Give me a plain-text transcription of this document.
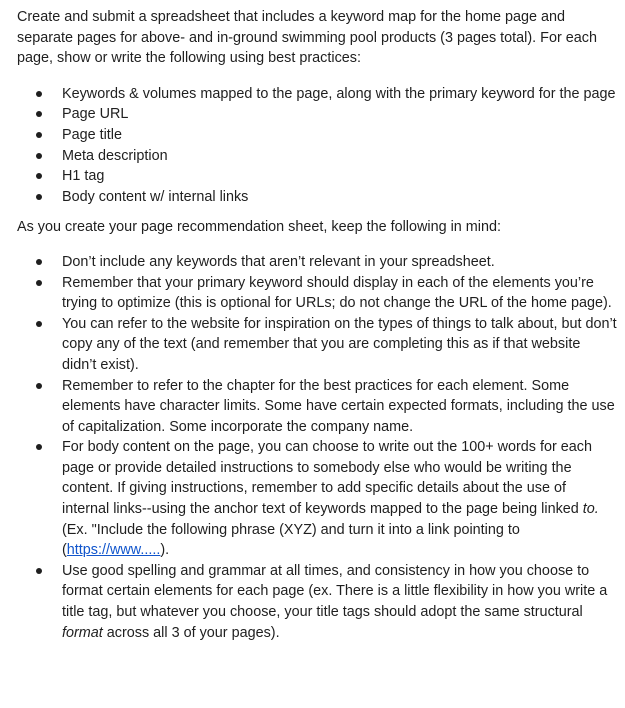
Create and submit a spreadsheet that includes a keyword map for the home page and separate pages for above- and in-ground swimming pool products (3 pages total). For each page, show or write the following using best practices:

Keywords & volumes mapped to the page, along with the primary keyword for the page
Page URL
Page title
Meta description
H1 tag
Body content w/ internal links

As you create your page recommendation sheet, keep the following in mind:

Don’t include any keywords that aren’t relevant in your spreadsheet.
Remember that your primary keyword should display in each of the elements you’re trying to optimize (this is optional for URLs; do not change the URL of the home page).
You can refer to the website for inspiration on the types of things to talk about, but don’t copy any of the text (and remember that you are completing this as if that website didn’t exist).
Remember to refer to the chapter for the best practices for each element. Some elements have character limits. Some have certain expected formats, including the use of capitalization. Some incorporate the company name.
For body content on the page, you can choose to write out the 100+ words for each page or provide detailed instructions to somebody else who would be writing the content. If giving instructions, remember to add specific details about the use of internal links--using the anchor text of keywords mapped to the page being linked to. (Ex. "Include the following phrase (XYZ) and turn it into a link pointing to (https://www.....).
Use good spelling and grammar at all times, and consistency in how you choose to format certain elements for each page (ex. There is a little flexibility in how you write a title tag, but whatever you choose, your title tags should adopt the same structural format across all 3 of your pages).
